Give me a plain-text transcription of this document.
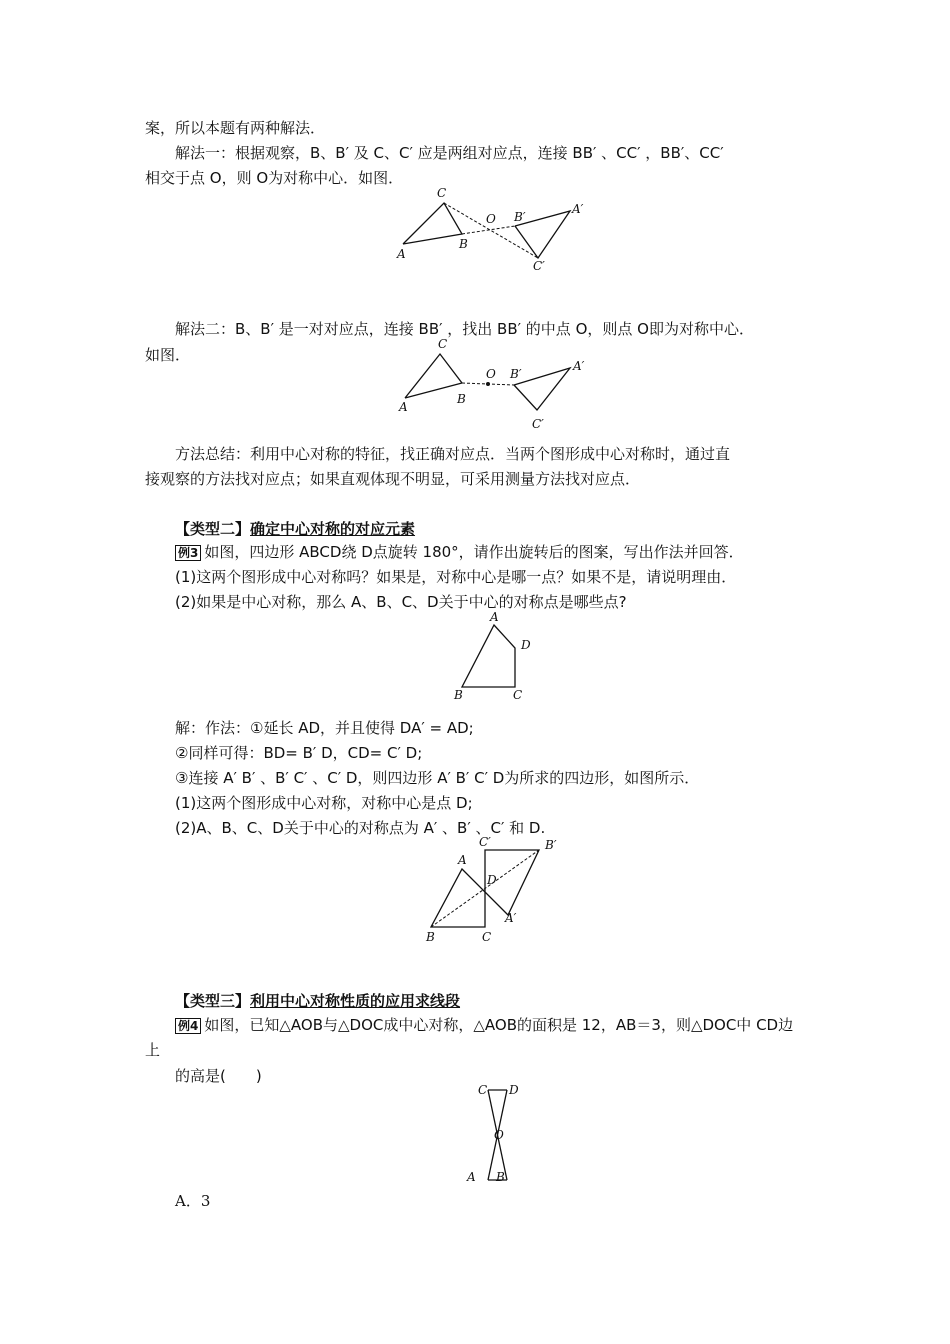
案，所以本题有两种解法．
解法一：根据观察，B、B′ 及 C、C′ 应是两组对应点，连接 BB′ 、CC′ ，BB′、CC′
相交于点 O，则 O为对称中心．如图．
C
O B′
A′
A
B
C′
解法二：B、B′ 是一对对应点，连接 BB′ ，找出 BB′ 的中点 O，则点 O即为对称中心．
如图．
C
O B′
A′
A
B
C′
方法总结：利用中心对称的特征，找正确对应点．当两个图形成中心对称时，通过直
接观察的方法找对应点；如果直观体现不明显，可采用测量方法找对应点．
【类型二】确定中心对称的对应元素
例3 如图，四边形 ABCD绕 D点旋转 180°，请作出旋转后的图案，写出作法并回答．
(1)这两个图形成中心对称吗？如果是，对称中心是哪一点？如果不是，请说明理由．
(2)如果是中心对称，那么 A、B、C、D关于中心的对称点是哪些点?
A
D
B	C
解：作法：①延长 AD，并且使得 DA′ = AD;
②同样可得：BD= B′ D，CD= C′ D;
③连接 A′ B′ 、B′ C′ 、C′ D，则四边形 A′ B′ C′ D为所求的四边形，如图所示．
(1)这两个图形成中心对称，对称中心是点 D;
(2)A、B、C、D关于中心的对称点为 A′ 、B′ 、C′ 和 D.
C′	B′
A
D
A′
B	C
【类型三】利用中心对称性质的应用求线段
例4 如图，已知△AOB与△DOC成中心对称，△AOB的面积是 12，AB＝3，则△DOC中 CD边
上
的高是(　　)
C D
O
A B
A．3
